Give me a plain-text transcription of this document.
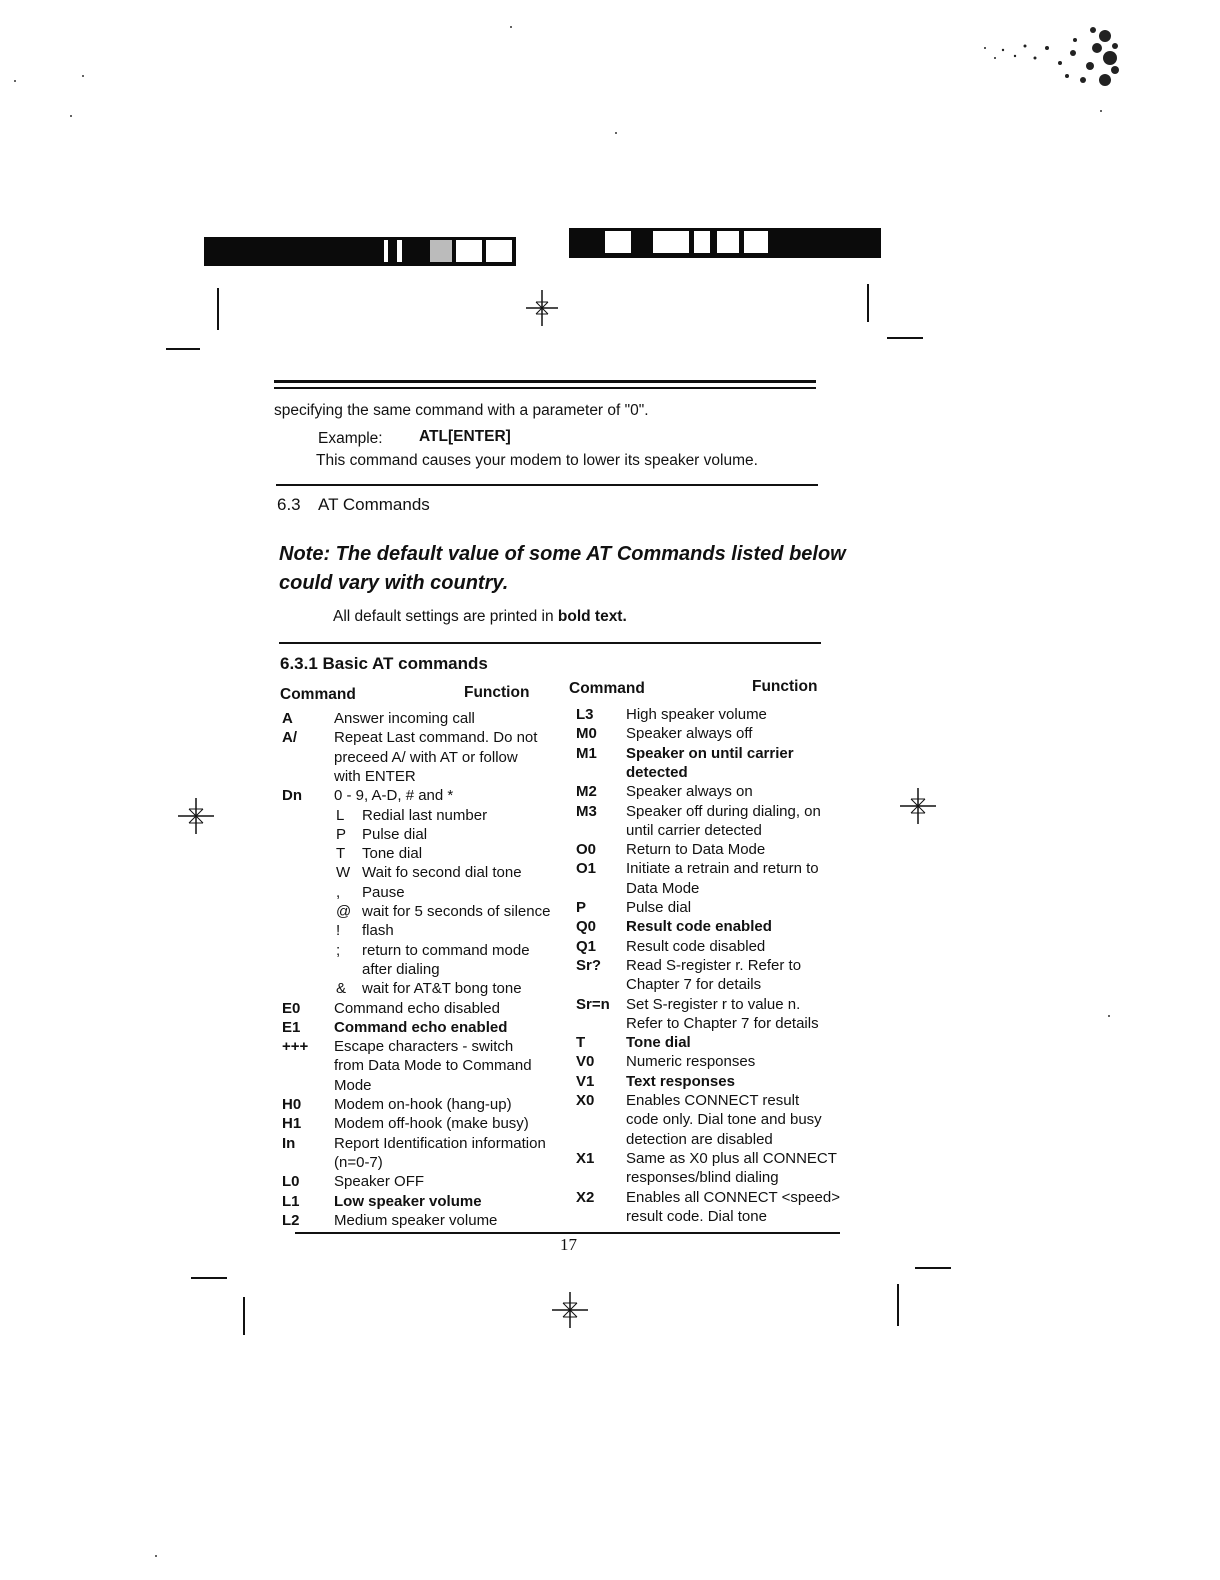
specifying the same command with a parameter of "0".
Example: ATL[ENTER]
This command causes your modem to lower its speaker volume.
6.3 AT Commands
Note: The default value of some AT Commands listed below
could vary with country.
All default settings are printed in bold text.
6.3.1 Basic AT commands
Command	Function	Command	Function
A	Answer incoming call
A/ Repeat Last command. Do not
preceed A/ with AT or follow
with ENTER
Dn 0 - 9, A-D, # and *
L Redial last number
P Pulse dial
T Tone dial
W Wait fo second dial tone
, Pause
@ wait for 5 seconds of silence
! flash
; return to command mode
after dialing
& wait for AT&T bong tone
E0 Command echo disabled
E1 Command echo enabled
+++ Escape characters - switch
from Data Mode to Command
Mode
H0 Modem on-hook (hang-up)
H1 Modem off-hook (make busy)
In	Report Identification information
(n=0-7)
L0 Speaker OFF
L1 Low speaker volume
L2 Medium speaker volume
L3 High speaker volume
M0 Speaker always off
M1 Speaker on until carrier
detected
M2 Speaker always on
M3 Speaker off during dialing, on
until carrier detected
O0 Return to Data Mode
O1 Initiate a retrain and return to
Data Mode
P	Pulse dial
Q0 Result code enabled
Q1 Result code disabled
Sr? Read S-register r. Refer to
Chapter 7 for details
Sr=n Set S-register r to value n.
Refer to Chapter 7 for details
T	Tone dial
V0 Numeric responses
V1 Text responses
X0 Enables CONNECT result
code only. Dial tone and busy
detection are disabled
X1 Same as X0 plus all CONNECT
responses/blind dialing
X2 Enables all CONNECT <speed>
result code. Dial tone
17
